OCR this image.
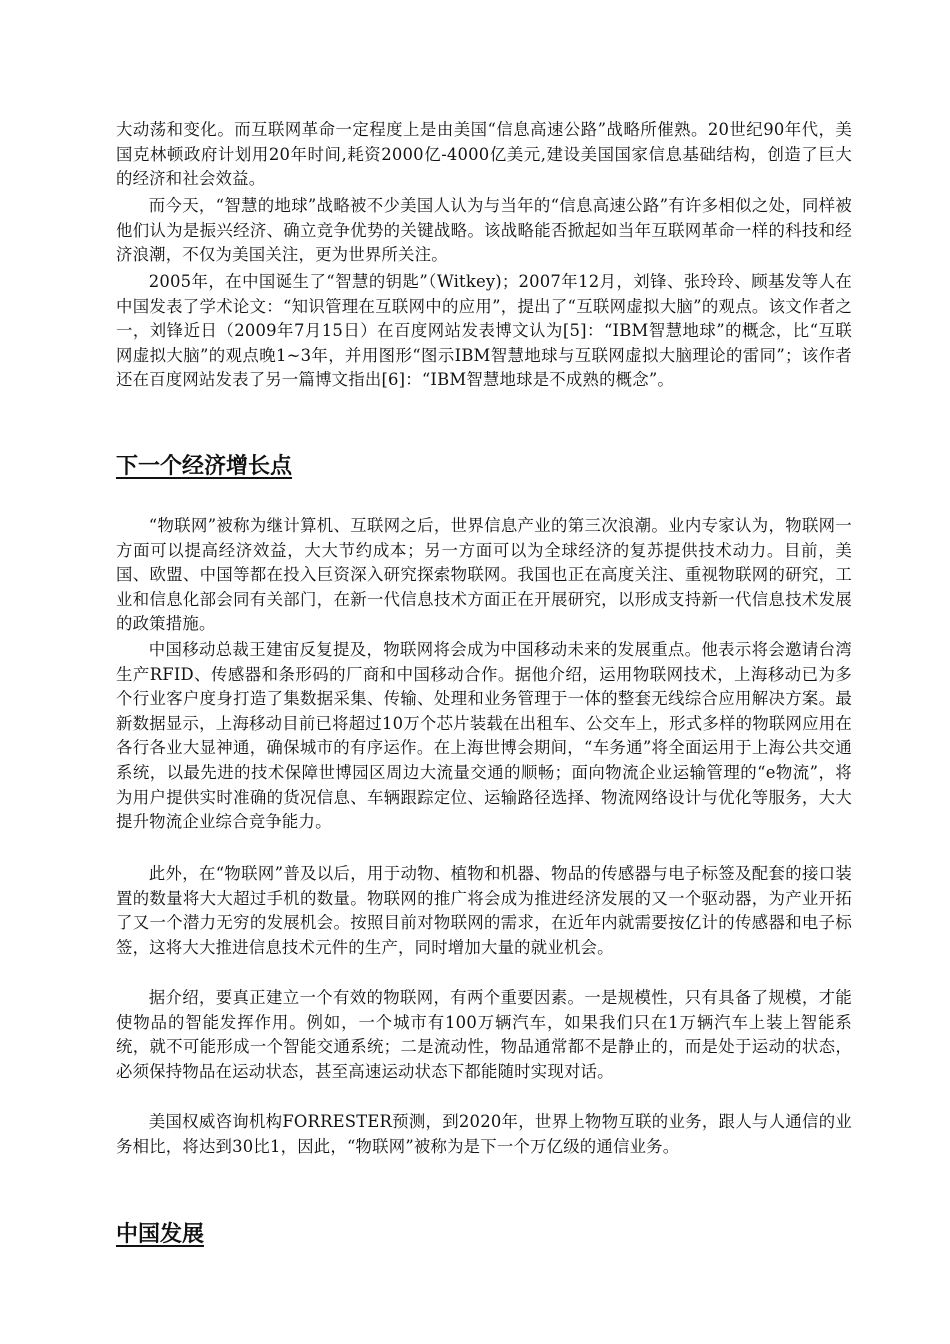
大动荡和变化。而互联网革命一定程度上是由美国“信息高速公路”战略所催熟。20世纪90年代，美国克林顿政府计划用20年时间,耗资2000亿-4000亿美元,建设美国国家信息基础结构，创造了巨大的经济和社会效益。

而今天，“智慧的地球”战略被不少美国人认为与当年的“信息高速公路”有许多相似之处，同样被他们认为是振兴经济、确立竞争优势的关键战略。该战略能否掀起如当年互联网革命一样的科技和经济浪潮，不仅为美国关注，更为世界所关注。

2005年，在中国诞生了“智慧的钥匙”（Witkey)；2007年12月，刘锋、张玲玲、顾基发等人在中国发表了学术论文：“知识管理在互联网中的应用”，提出了“互联网虚拟大脑”的观点。该文作者之一，刘锋近日（2009年7月15日）在百度网站发表博文认为[5]：“IBM智慧地球”的概念，比“互联网虚拟大脑”的观点晚1~3年，并用图形“图示IBM智慧地球与互联网虚拟大脑理论的雷同”；该作者还在百度网站发表了另一篇博文指出[6]：“IBM智慧地球是不成熟的概念”。

下一个经济增长点

“物联网”被称为继计算机、互联网之后，世界信息产业的第三次浪潮。业内专家认为，物联网一方面可以提高经济效益，大大节约成本；另一方面可以为全球经济的复苏提供技术动力。目前，美国、欧盟、中国等都在投入巨资深入研究探索物联网。我国也正在高度关注、重视物联网的研究，工业和信息化部会同有关部门，在新一代信息技术方面正在开展研究，以形成支持新一代信息技术发展的政策措施。

中国移动总裁王建宙反复提及，物联网将会成为中国移动未来的发展重点。他表示将会邀请台湾生产RFID、传感器和条形码的厂商和中国移动合作。据他介绍，运用物联网技术，上海移动已为多个行业客户度身打造了集数据采集、传输、处理和业务管理于一体的整套无线综合应用解决方案。最新数据显示，上海移动目前已将超过10万个芯片装载在出租车、公交车上，形式多样的物联网应用在各行各业大显神通，确保城市的有序运作。在上海世博会期间，“车务通”将全面运用于上海公共交通系统，以最先进的技术保障世博园区周边大流量交通的顺畅；面向物流企业运输管理的“e物流”，将为用户提供实时准确的货况信息、车辆跟踪定位、运输路径选择、物流网络设计与优化等服务，大大提升物流企业综合竞争能力。

此外，在“物联网”普及以后，用于动物、植物和机器、物品的传感器与电子标签及配套的接口装置的数量将大大超过手机的数量。物联网的推广将会成为推进经济发展的又一个驱动器，为产业开拓了又一个潜力无穷的发展机会。按照目前对物联网的需求，在近年内就需要按亿计的传感器和电子标签，这将大大推进信息技术元件的生产，同时增加大量的就业机会。

据介绍，要真正建立一个有效的物联网，有两个重要因素。一是规模性，只有具备了规模，才能使物品的智能发挥作用。例如，一个城市有100万辆汽车，如果我们只在1万辆汽车上装上智能系统，就不可能形成一个智能交通系统；二是流动性，物品通常都不是静止的，而是处于运动的状态，必须保持物品在运动状态，甚至高速运动状态下都能随时实现对话。

美国权威咨询机构FORRESTER预测，到2020年，世界上物物互联的业务，跟人与人通信的业务相比，将达到30比1，因此，“物联网”被称为是下一个万亿级的通信业务。

中国发展
